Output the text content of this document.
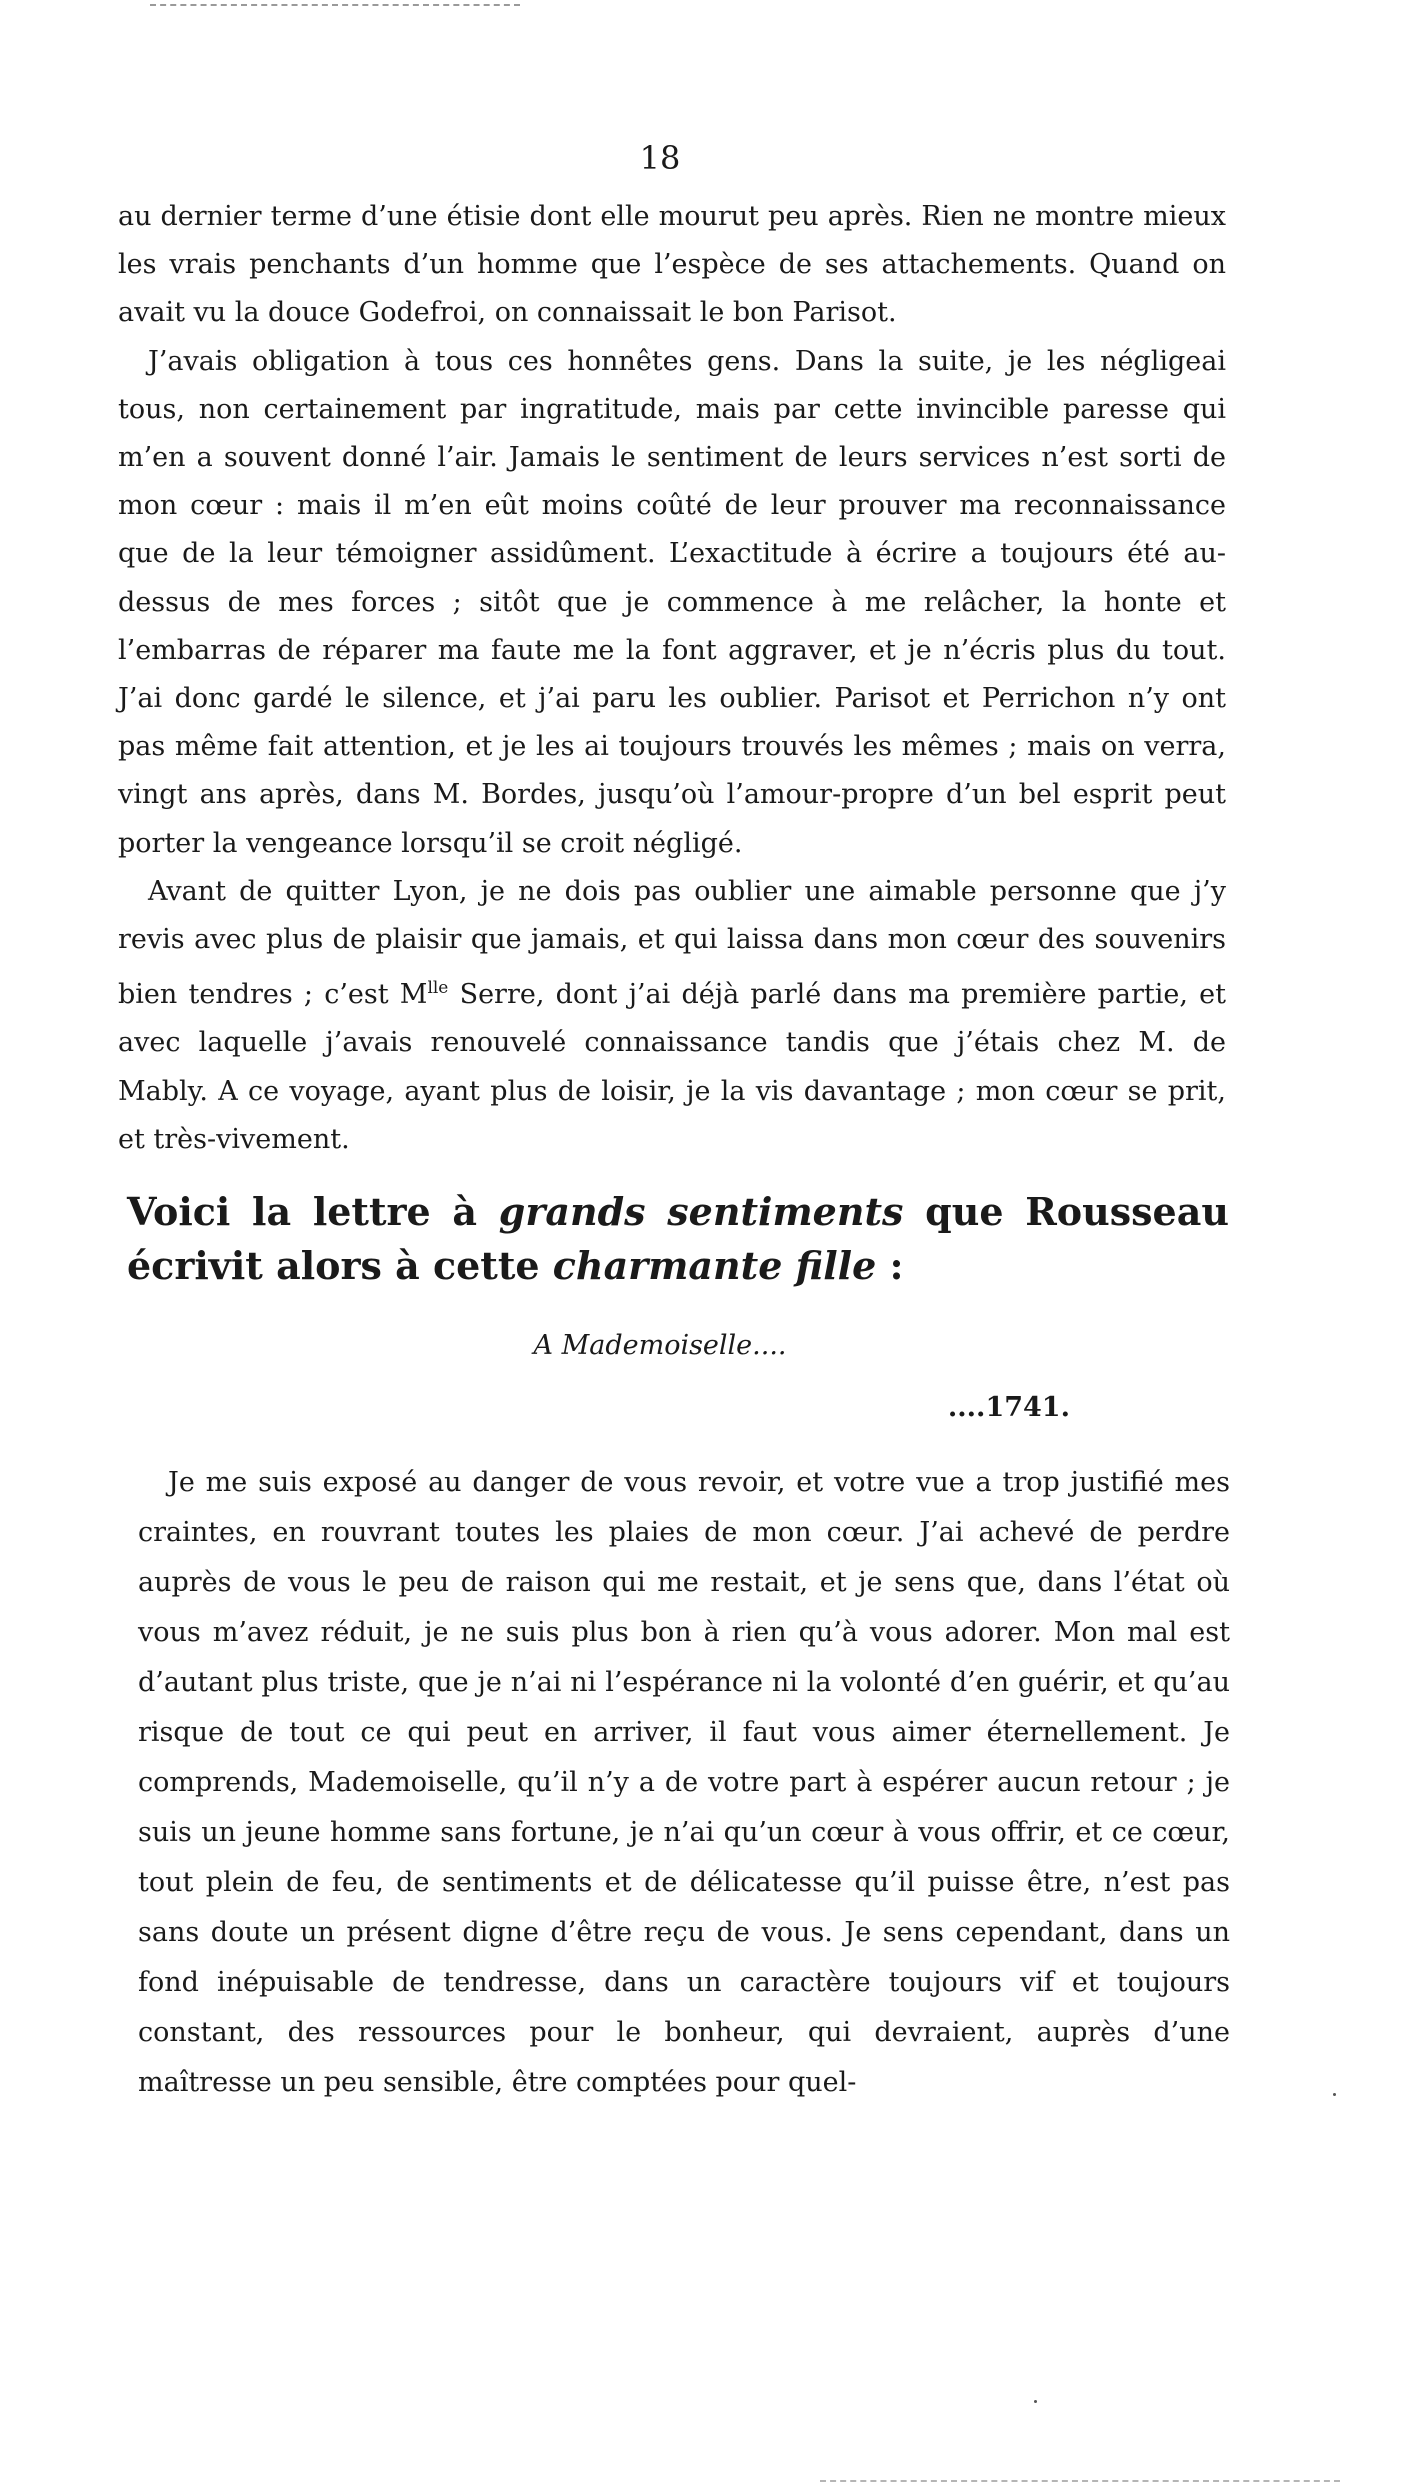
18

au dernier terme d’une étisie dont elle mourut peu après. Rien ne montre mieux les vrais penchants d’un homme que l’espèce de ses attachements. Quand on avait vu la douce Godefroi, on connaissait le bon Parisot.

J’avais obligation à tous ces honnêtes gens. Dans la suite, je les négligeai tous, non certainement par ingratitude, mais par cette invincible paresse qui m’en a souvent donné l’air. Jamais le sentiment de leurs services n’est sorti de mon cœur : mais il m’en eût moins coûté de leur prouver ma reconnaissance que de la leur témoigner assidûment. L’exactitude à écrire a toujours été au-dessus de mes forces ; sitôt que je commence à me relâcher, la honte et l’embarras de réparer ma faute me la font aggraver, et je n’écris plus du tout. J’ai donc gardé le silence, et j’ai paru les oublier. Parisot et Perrichon n’y ont pas même fait attention, et je les ai toujours trouvés les mêmes ; mais on verra, vingt ans après, dans M. Bordes, jusqu’où l’amour-propre d’un bel esprit peut porter la vengeance lorsqu’il se croit négligé.

Avant de quitter Lyon, je ne dois pas oublier une aimable personne que j’y revis avec plus de plaisir que jamais, et qui laissa dans mon cœur des souvenirs bien tendres ; c’est $M^{lle}$ Serre, dont j’ai déjà parlé dans ma première partie, et avec laquelle j’avais renouvelé connaissance tandis que j’étais chez M. de Mably. A ce voyage, ayant plus de loisir, je la vis davantage ; mon cœur se prit, et très-vivement.

Voici la lettre à grands sentiments que Rousseau écrivit alors à cette charmante fille :
A Mademoiselle....
....1741.

Je me suis exposé au danger de vous revoir, et votre vue a trop justifié mes craintes, en rouvrant toutes les plaies de mon cœur. J’ai achevé de perdre auprès de vous le peu de raison qui me restait, et je sens que, dans l’état où vous m’avez réduit, je ne suis plus bon à rien qu’à vous adorer. Mon mal est d’autant plus triste, que je n’ai ni l’espérance ni la volonté d’en guérir, et qu’au risque de tout ce qui peut en arriver, il faut vous aimer éternellement. Je comprends, Mademoiselle, qu’il n’y a de votre part à espérer aucun retour ; je suis un jeune homme sans fortune, je n’ai qu’un cœur à vous offrir, et ce cœur, tout plein de feu, de sentiments et de délicatesse qu’il puisse être, n’est pas sans doute un présent digne d’être reçu de vous. Je sens cependant, dans un fond inépuisable de tendresse, dans un caractère toujours vif et toujours constant, des ressources pour le bonheur, qui devraient, auprès d’une maîtresse un peu sensible, être comptées pour quel-
